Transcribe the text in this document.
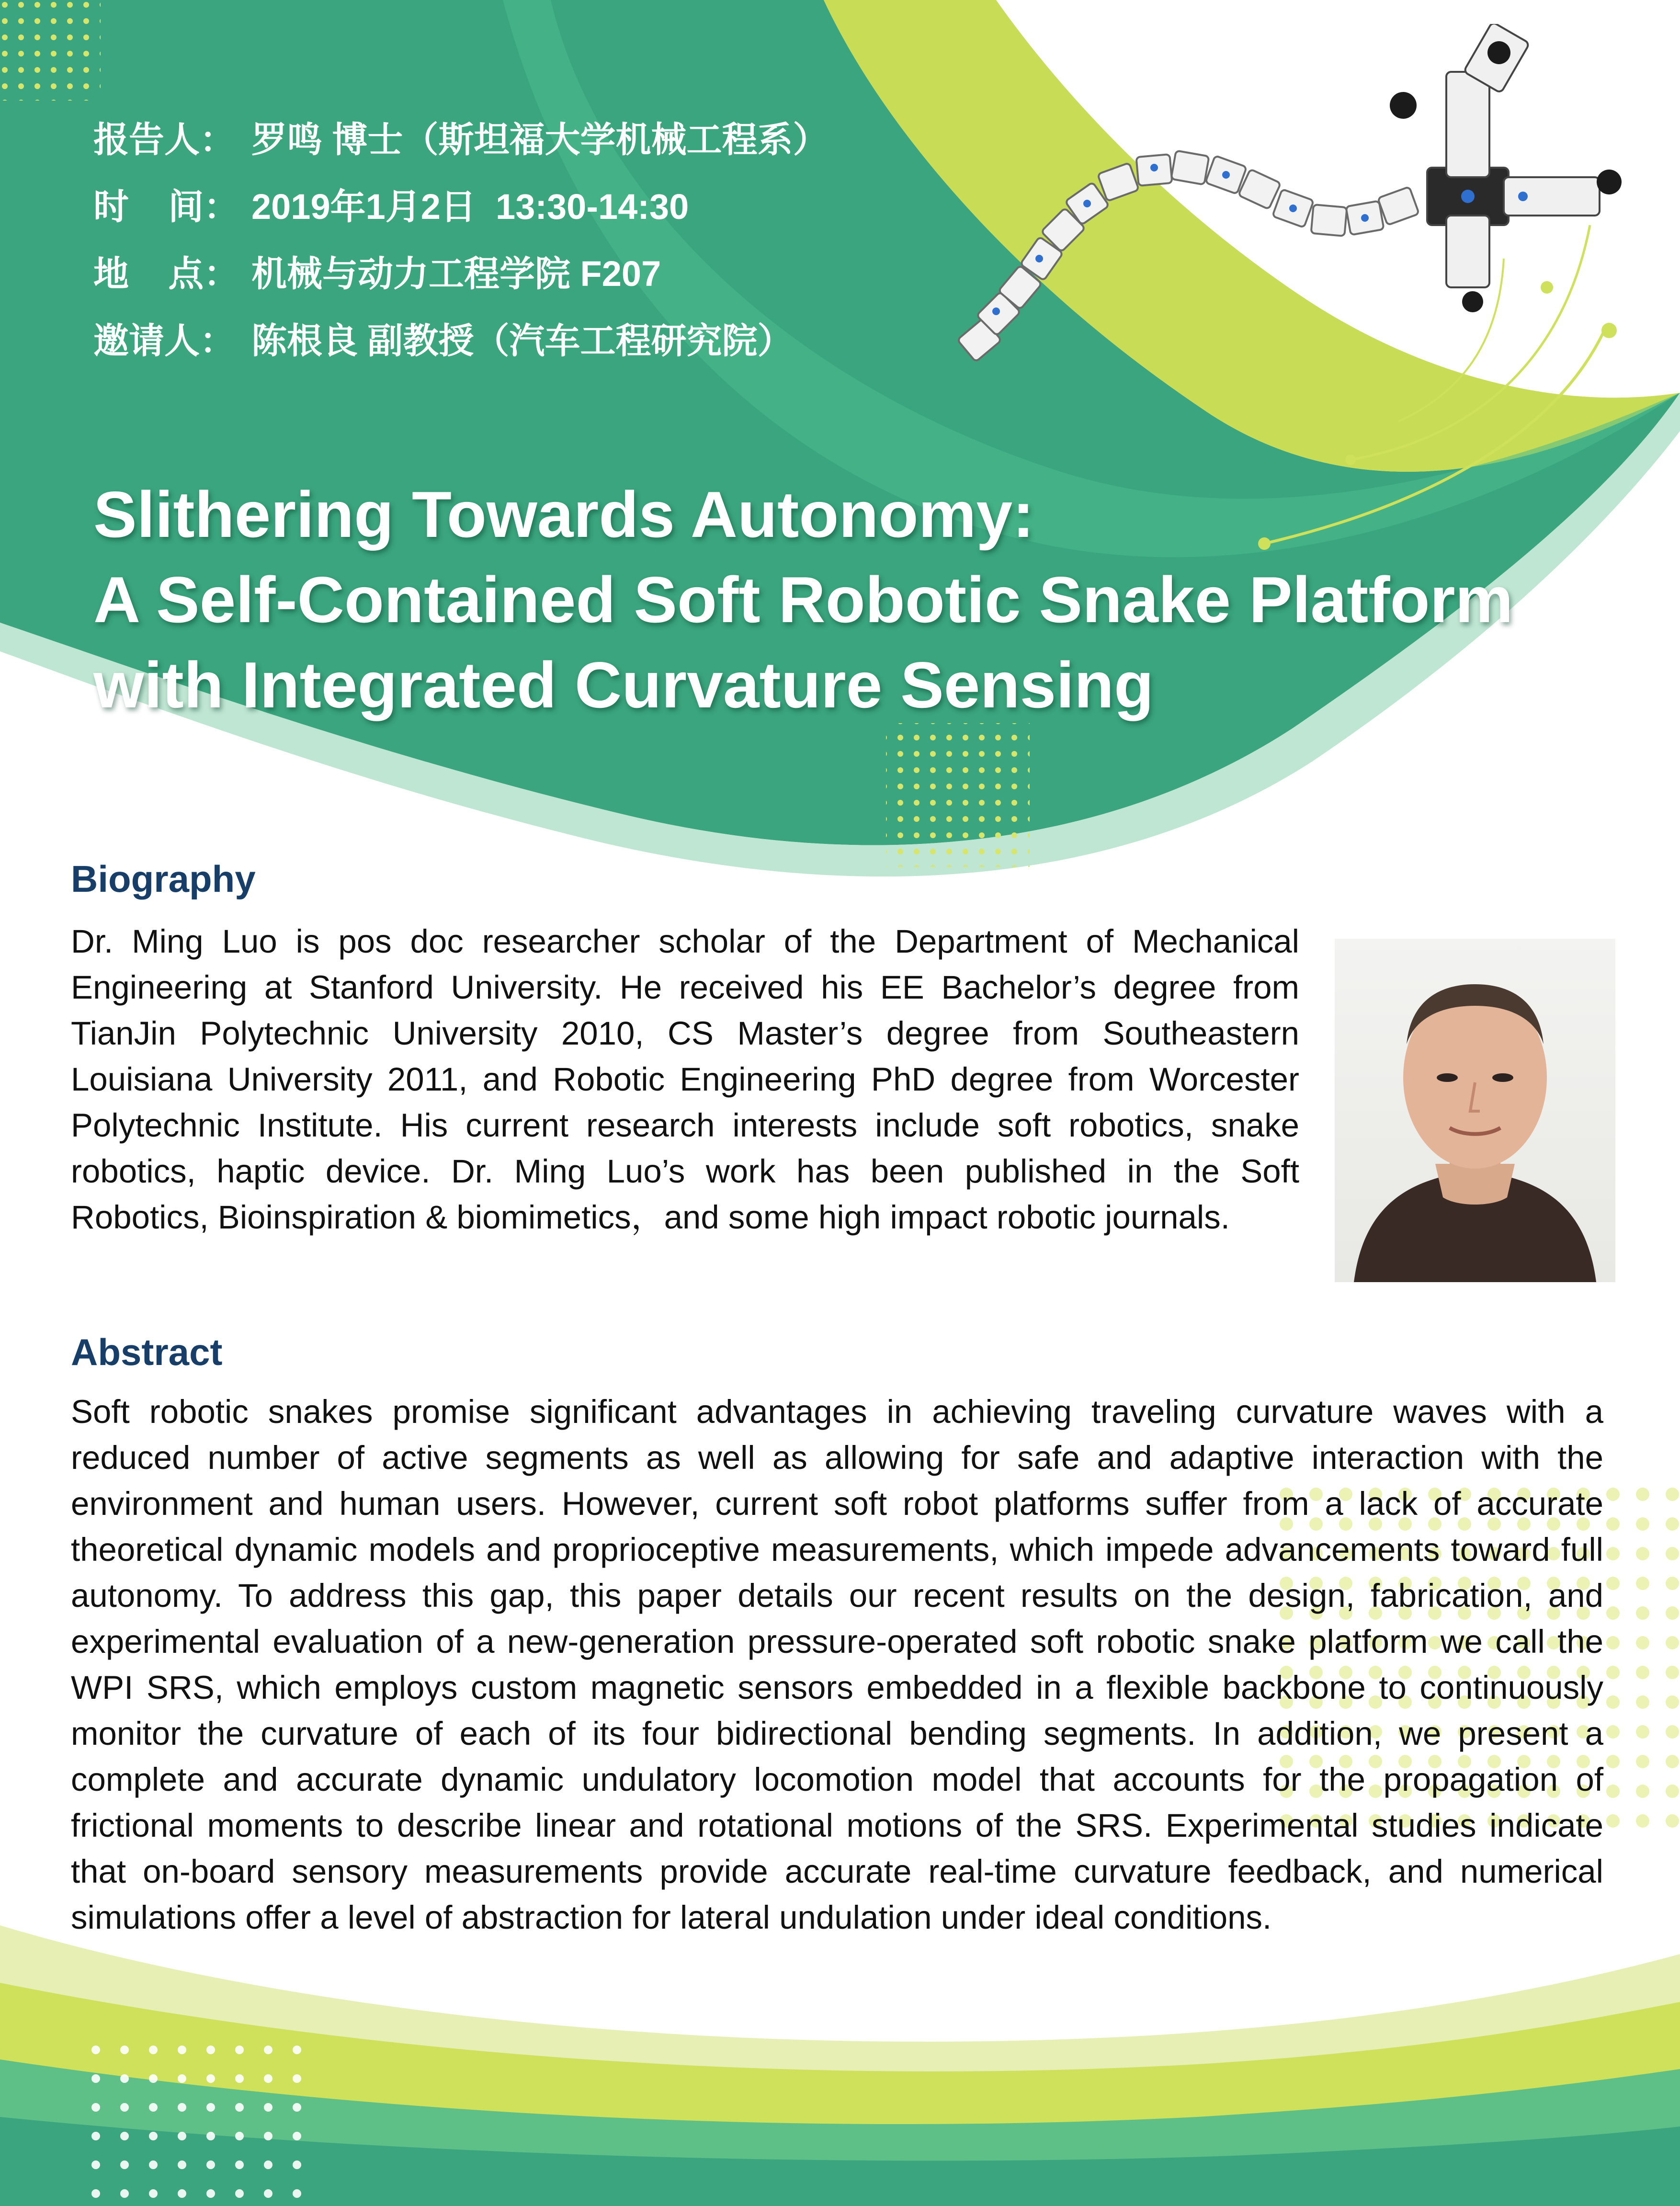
报告人： 罗鸣 博士（斯坦福大学机械工程系）
时    间： 2019年1月2日  13:30-14:30
地    点： 机械与动力工程学院 F207
邀请人： 陈根良 副教授（汽车工程研究院）
Slithering Towards Autonomy:
A Self-Contained Soft Robotic Snake Platform
with Integrated Curvature Sensing
Biography
Dr. Ming Luo is pos doc researcher scholar of the Department of Mechanical Engineering at Stanford University. He received his EE Bachelor’s degree from TianJin Polytechnic University 2010, CS Master’s degree from Southeastern Louisiana University 2011, and Robotic Engineering PhD degree from Worcester Polytechnic Institute. His current research interests include soft robotics, snake robotics, haptic device. Dr. Ming Luo’s work has been published in the Soft Robotics, Bioinspiration & biomimetics，and some high impact robotic journals.
Abstract
Soft robotic snakes promise significant advantages in achieving traveling curvature waves with a reduced number of active segments as well as allowing for safe and adaptive interaction with the environment and human users. However, current soft robot platforms suffer from a lack of accurate theoretical dynamic models and proprioceptive measurements, which impede advancements toward full autonomy. To address this gap, this paper details our recent results on the design, fabrication, and experimental evaluation of a new-generation pressure-operated soft robotic snake platform we call the WPI SRS, which employs custom magnetic sensors embedded in a flexible backbone to continuously monitor the curvature of each of its four bidirectional bending segments. In addition, we present a complete and accurate dynamic undulatory locomotion model that accounts for the propagation of frictional moments to describe linear and rotational motions of the SRS. Experimental studies indicate that on-board sensory measurements provide accurate real-time curvature feedback, and numerical simulations offer a level of abstraction for lateral undulation under ideal conditions.
